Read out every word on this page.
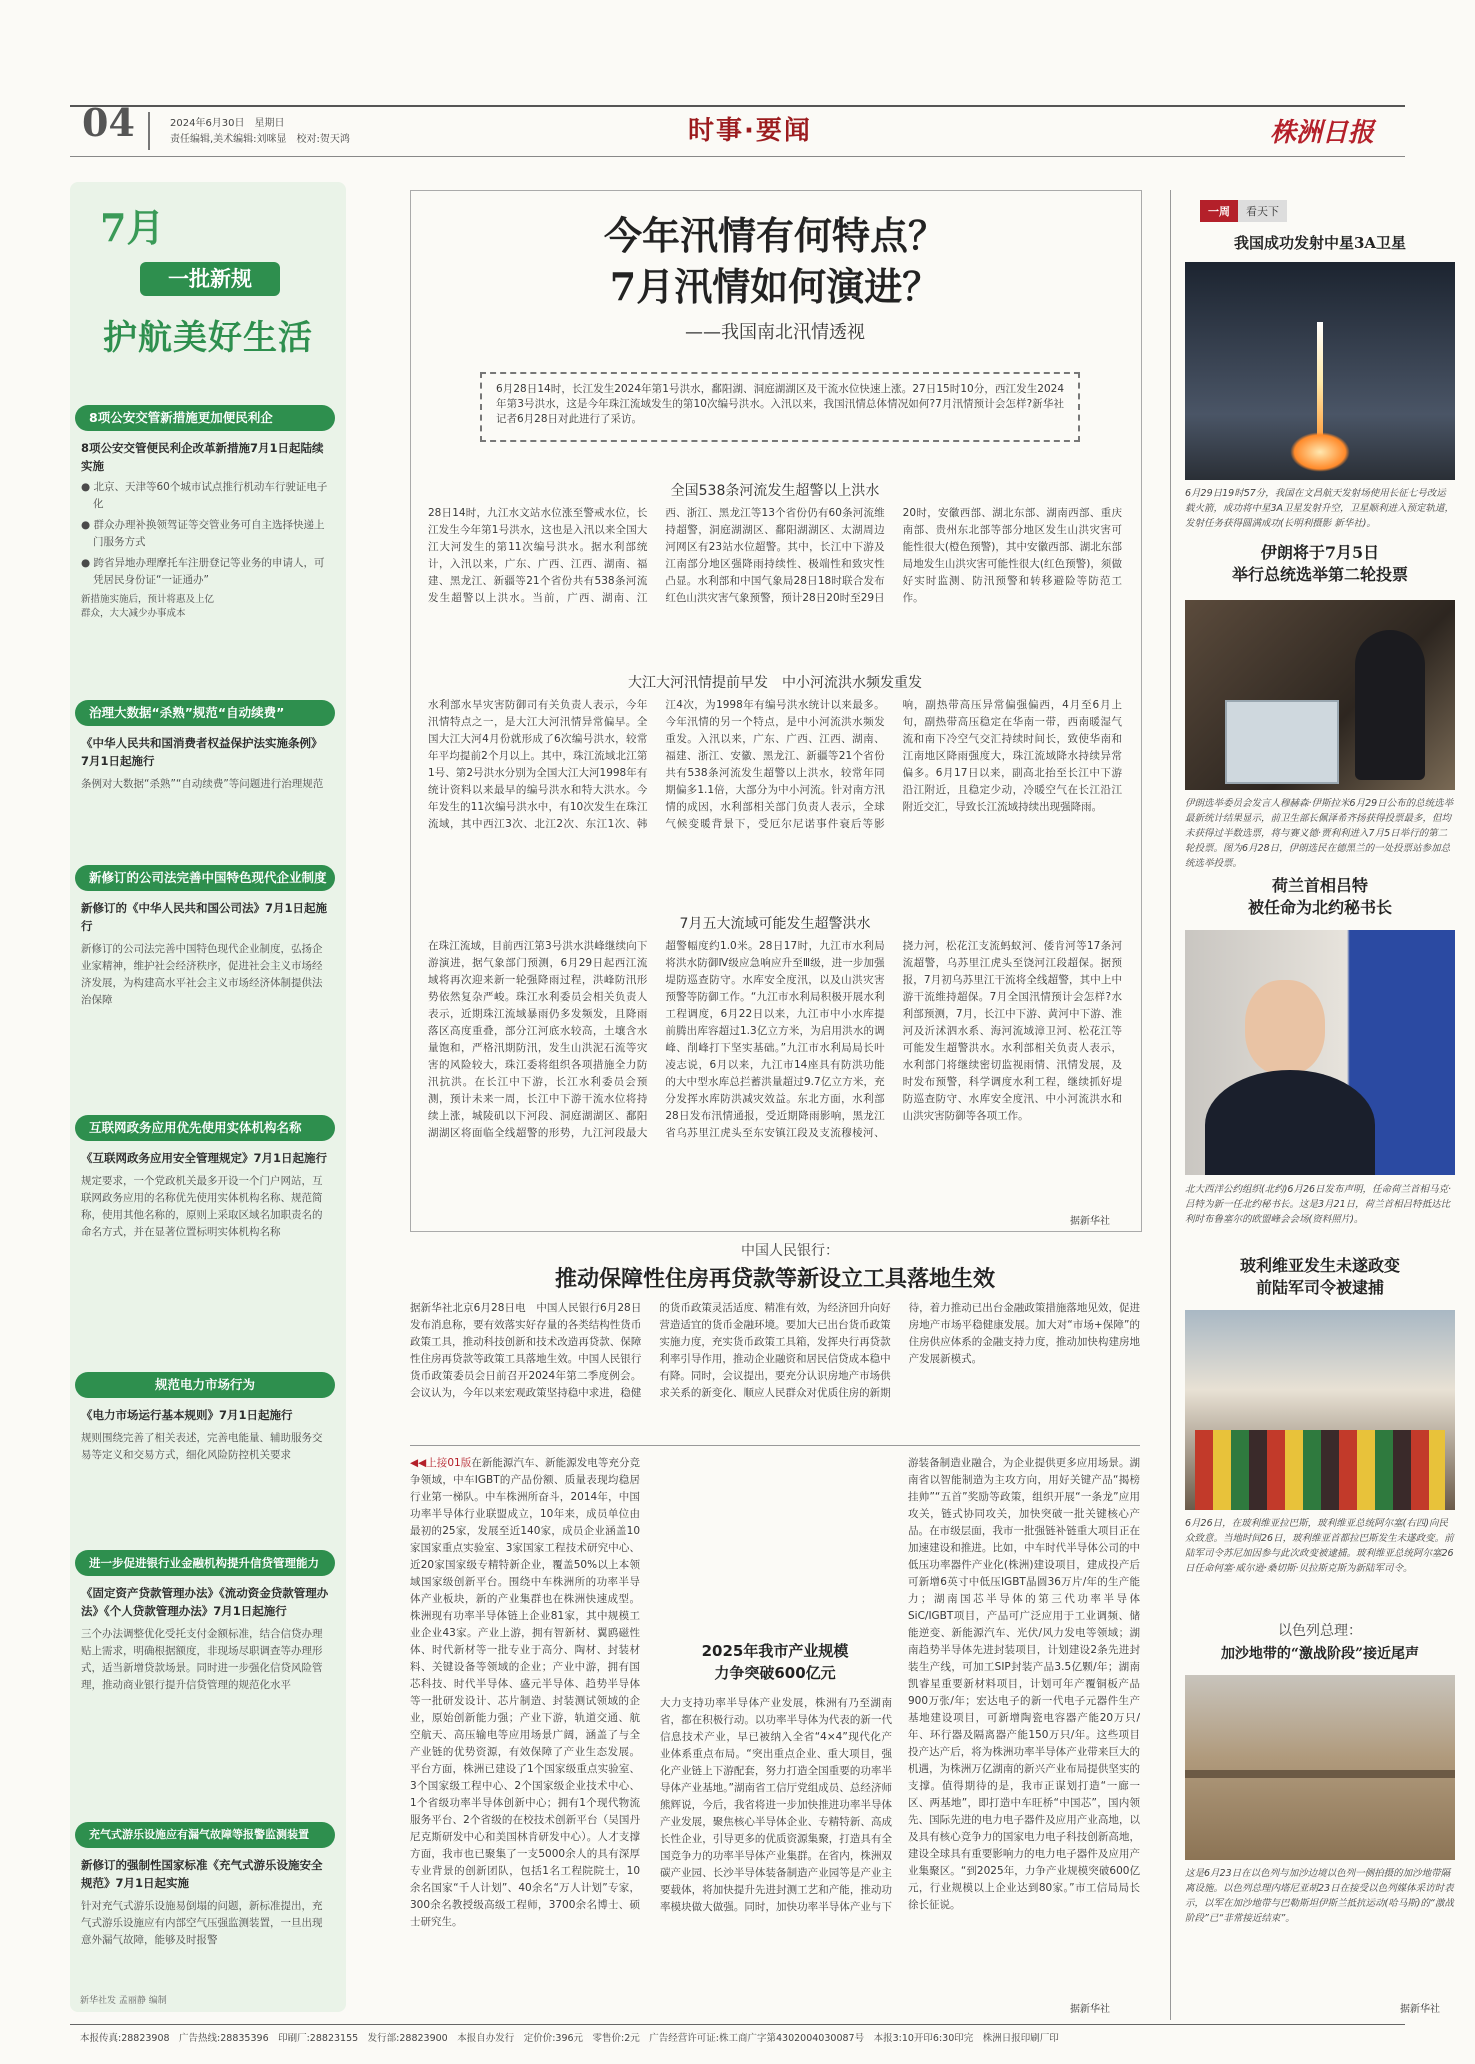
04	2024年6月30日　星期日
责任编辑,美术编辑:刘咪显　校对:贺天鸿	时事·要闻	株洲日报
7月
一批新规
护航美好生活
8项公安交管新措施更加便民利企
8项公安交管便民利企改革新措施7月1日起陆续实施
● 北京、天津等60个城市试点推行机动车行驶证电子化
● 群众办理补换领驾证等交管业务可自主选择快递上门服务方式
● 跨省异地办理摩托车注册登记等业务的申请人，可凭居民身份证“一证通办”
新措施实施后，预计将惠及上亿群众，大大减少办事成本
治理大数据“杀熟”规范“自动续费”
《中华人民共和国消费者权益保护法实施条例》7月1日起施行
条例对大数据“杀熟”“自动续费”等问题进行治理规范
新修订的公司法完善中国特色现代企业制度
新修订的《中华人民共和国公司法》7月1日起施行
新修订的公司法完善中国特色现代企业制度，弘扬企业家精神，维护社会经济秩序，促进社会主义市场经济发展，为构建高水平社会主义市场经济体制提供法治保障
互联网政务应用优先使用实体机构名称
《互联网政务应用安全管理规定》7月1日起施行
规定要求，一个党政机关最多开设一个门户网站，互联网政务应用的名称优先使用实体机构名称、规范简称，使用其他名称的，原则上采取区域名加职责名的命名方式，并在显著位置标明实体机构名称
规范电力市场行为
《电力市场运行基本规则》7月1日起施行
规则围绕完善了相关表述，完善电能量、辅助服务交易等定义和交易方式，细化风险防控机关要求
进一步促进银行业金融机构提升信贷管理能力
《固定资产贷款管理办法》《流动资金贷款管理办法》《个人贷款管理办法》7月1日起施行
三个办法调整优化受托支付金额标准，结合信贷办理贴上需求，明确根据额度，非现场尽职调查等办理形式，适当新增贷款场景。同时进一步强化信贷风险管理，推动商业银行提升信贷管理的规范化水平
充气式游乐设施应有漏气故障等报警监测装置
新修订的强制性国家标准《充气式游乐设施安全规范》7月1日起实施
针对充气式游乐设施易倒塌的问题，新标准提出，充气式游乐设施应有内部空气压强监测装置，一旦出现意外漏气故障，能够及时报警
新华社发 孟丽静 编制
今年汛情有何特点？
7月汛情如何演进？
——我国南北汛情透视
6月28日14时，长江发生2024年第1号洪水，鄱阳湖、洞庭湖湖区及干流水位快速上涨。27日15时10分，西江发生2024年第3号洪水，这是今年珠江流域发生的第10次编号洪水。入汛以来，我国汛情总体情况如何?7月汛情预计会怎样?新华社记者6月28日对此进行了采访。
全国538条河流发生超警以上洪水
28日14时，九江水文站水位涨至警戒水位，长江发生今年第1号洪水，这也是入汛以来全国大江大河发生的第11次编号洪水。据水利部统计，入汛以来，广东、广西、江西、湖南、福建、黑龙江、新疆等21个省份共有538条河流发生超警以上洪水。当前，广西、湖南、江西、浙江、黑龙江等13个省份仍有60条河流维持超警，洞庭湖湖区、鄱阳湖湖区、太湖周边河网区有23站水位超警。其中，长江中下游及江南部分地区强降雨持续性、极端性和致灾性凸显。水利部和中国气象局28日18时联合发布红色山洪灾害气象预警，预计28日20时至29日20时，安徽西部、湖北东部、湖南西部、重庆南部、贵州东北部等部分地区发生山洪灾害可能性很大(橙色预警)，其中安徽西部、湖北东部局地发生山洪灾害可能性很大(红色预警)，须做好实时监测、防汛预警和转移避险等防范工作。
大江大河汛情提前早发　中小河流洪水频发重发
水利部水旱灾害防御司有关负责人表示，今年汛情特点之一，是大江大河汛情异常偏早。全国大江大河4月份就形成了6次编号洪水，较常年平均提前2个月以上。其中，珠江流域北江第1号、第2号洪水分别为全国大江大河1998年有统计资料以来最早的编号洪水和特大洪水。今年发生的11次编号洪水中，有10次发生在珠江流域，其中西江3次、北江2次、东江1次、韩江4次，为1998年有编号洪水统计以来最多。今年汛情的另一个特点，是中小河流洪水频发重发。入汛以来，广东、广西、江西、湖南、福建、浙江、安徽、黑龙江、新疆等21个省份共有538条河流发生超警以上洪水，较常年同期偏多1.1倍，大部分为中小河流。针对南方汛情的成因，水利部相关部门负责人表示，全球气候变暖背景下，受厄尔尼诺事件衰后等影响，副热带高压异常偏强偏西，4月至6月上旬，副热带高压稳定在华南一带，西南暖湿气流和南下冷空气交汇持续时间长，致使华南和江南地区降雨强度大，珠江流域降水持续异常偏多。6月17日以来，副高北抬至长江中下游沿江附近，且稳定少动，冷暖空气在长江沿江附近交汇，导致长江流域持续出现强降雨。
7月五大流域可能发生超警洪水
在珠江流域，目前西江第3号洪水洪峰继续向下游演进，据气象部门预测，6月29日起西江流域将再次迎来新一轮强降雨过程，洪峰防汛形势依然复杂严峻。珠江水利委员会相关负责人表示，近期珠江流域暴雨仍多发频发，且降雨落区高度重叠，部分江河底水较高，土壤含水量饱和，严格汛期防汛，发生山洪泥石流等灾害的风险较大，珠江委将组织各项措施全力防汛抗洪。在长江中下游，长江水利委员会预测，预计未来一周，长江中下游干流水位将持续上涨，城陵矶以下河段、洞庭湖湖区、鄱阳湖湖区将面临全线超警的形势，九江河段最大超警幅度约1.0米。28日17时，九江市水利局将洪水防御Ⅳ级应急响应升至Ⅲ级，进一步加强堤防巡查防守。水库安全度汛，以及山洪灾害预警等防御工作。“九江市水利局积极开展水利工程调度，6月22日以来，九江市中小水库提前腾出库容超过1.3亿立方米，为启用洪水的调峰、削峰打下坚实基础。”九江市水利局局长叶凌志说，6月以来，九江市14座具有防洪功能的大中型水库总拦蓄洪量超过9.7亿立方米，充分发挥水库防洪减灾效益。东北方面，水利部28日发布汛情通报，受近期降雨影响，黑龙江省乌苏里江虎头至东安镇江段及支流穆棱河、挠力河，松花江支流蚂蚁河、倭肯河等17条河流超警，乌苏里江虎头至饶河江段超保。据预报，7月初乌苏里江干流将全线超警，其中上中游干流维持超保。7月全国汛情预计会怎样?水利部预测，7月，长江中下游、黄河中下游、淮河及沂沭泗水系、海河流域漳卫河、松花江等可能发生超警洪水。水利部相关负责人表示，水利部门将继续密切监视雨情、汛情发展，及时发布预警，科学调度水利工程，继续抓好堤防巡查防守、水库安全度汛、中小河流洪水和山洪灾害防御等各项工作。
据新华社
中国人民银行：
推动保障性住房再贷款等新设立工具落地生效
据新华社北京6月28日电　中国人民银行6月28日发布消息称，要有效落实好存量的各类结构性货币政策工具，推动科技创新和技术改造再贷款、保障性住房再贷款等政策工具落地生效。中国人民银行货币政策委员会日前召开2024年第二季度例会。会议认为，今年以来宏观政策坚持稳中求进，稳健的货币政策灵活适度、精准有效，为经济回升向好营造适宜的货币金融环境。要加大已出台货币政策实施力度，充实货币政策工具箱，发挥央行再贷款利率引导作用，推动企业融资和居民信贷成本稳中有降。同时，会议提出，要充分认识房地产市场供求关系的新变化、顺应人民群众对优质住房的新期待，着力推动已出台金融政策措施落地见效，促进房地产市场平稳健康发展。加大对“市场+保障”的住房供应体系的金融支持力度，推动加快构建房地产发展新模式。
◀◀上接01版在新能源汽车、新能源发电等充分竞争领域，中车IGBT的产品份额、质量表现均稳居行业第一梯队。中车株洲所奋斗，2014年，中国功率半导体行业联盟成立，10年来，成员单位由最初的25家，发展至近140家，成员企业涵盖10家国家重点实验室、3家国家工程技术研究中心、近20家国家级专精特新企业，覆盖50%以上本领域国家级创新平台。围绕中车株洲所的功率半导体产业板块，新的产业集群也在株洲快速成型。株洲现有功率半导体链上企业81家，其中规模工业企业43家。产业上游，拥有智新材、翼鸥磁性体、时代新材等一批专业于高分、陶材、封装材料、关键设备等领域的企业；产业中游，拥有国芯科技、时代半导体、盛元半导体、趋势半导体等一批研发设计、芯片制造、封装测试领域的企业，原始创新能力强；产业下游，轨道交通、航空航天、高压输电等应用场景广阔，涵盖了与全产业链的优势资源，有效保障了产业生态发展。平台方面，株洲已建设了1个国家级重点实验室、3个国家级工程中心、2个国家级企业技术中心、1个省级功率半导体创新中心；拥有1个现代物流服务平台、2个省级的在校技术创新平台（吴国丹尼克斯研发中心和美国林肯研发中心）。人才支撑方面，我市也已聚集了一支5000余人的具有深厚专业背景的创新团队，包括1名工程院院士，10余名国家“千人计划”、40余名“万人计划”专家，300余名教授级高级工程师，3700余名博士、硕士研究生。
2025年我市产业规模
力争突破600亿元
大力支持功率半导体产业发展，株洲有乃至湖南省，都在积极行动。以功率半导体为代表的新一代信息技术产业，早已被纳入全省“4×4”现代化产业体系重点布局。“突出重点企业、重大项目，强化产业链上下游配套，努力打造全国重要的功率半导体产业基地。”湖南省工信厅党组成员、总经济师熊辉说，今后，我省将进一步加快推进功率半导体产业发展，聚焦核心半导体企业、专精特新、高成长性企业，引导更多的优质资源集聚，打造具有全国竞争力的功率半导体产业集群。在省内，株洲双碳产业园、长沙半导体装备制造产业园等是产业主要载体，将加快提升先进封测工艺和产能，推动功率模块做大做强。同时，加快功率半导体产业与下游装备制造业融合，为企业提供更多应用场景。湖南省以智能制造为主攻方向，用好关键产品“揭榜挂帅”“五首”奖励等政策，组织开展“一条龙”应用攻关，链式协同攻关，加快突破一批关键核心产品。在市级层面，我市一批强链补链重大项目正在加速建设和推进。比如，中车时代半导体公司的中低压功率器件产业化(株洲)建设项目，建成投产后可新增6英寸中低压IGBT晶圆36万片/年的生产能力；湖南国芯半导体的第三代功率半导体SiC/IGBT项目，产品可广泛应用于工业调频、储能逆变、新能源汽车、光伏/风力发电等领域；湖南趋势半导体先进封装项目，计划建设2条先进封装生产线，可加工SIP封装产品3.5亿颗/年；湖南凯睿星重要新材料项目，计划可年产覆铜板产品900万张/年；宏达电子的新一代电子元器件生产基地建设项目，可新增陶瓷电容器产能20万只/年、环行器及隔离器产能150万只/年。这些项目投产达产后，将为株洲功率半导体产业带来巨大的机遇，为株洲万亿湖南的新兴产业布局提供坚实的支撑。值得期待的是，我市正谋划打造“一廊一区、两基地”，即打造中车旺桥“中国芯”，国内领先、国际先进的电力电子器件及应用产业高地，以及具有核心竞争力的国家电力电子科技创新高地，建设全球具有重要影响力的电力电子器件及应用产业集聚区。“到2025年，力争产业规模突破600亿元，行业规模以上企业达到80家。”市工信局局长徐长征说。
据新华社
一周 看天下
我国成功发射中星3A卫星
6月29日19时57分，我国在文昌航天发射场使用长征七号改运载火箭，成功将中星3A卫星发射升空，卫星顺利进入预定轨道，发射任务获得圆满成功(长明利摄影 新华社)。
伊朗将于7月5日
举行总统选举第二轮投票
伊朗选举委员会发言人穆赫森·伊斯拉米6月29日公布的总统选举最新统计结果显示，前卫生部长佩泽希齐扬获得投票最多，但均未获得过半数选票，将与赛义德·贾利利进入7月5日举行的第二轮投票。图为6月28日，伊朗选民在德黑兰的一处投票站参加总统选举投票。
荷兰首相吕特
被任命为北约秘书长
北大西洋公约组织(北约)6月26日发布声明，任命荷兰首相马克·吕特为新一任北约秘书长。这是3月21日，荷兰首相吕特抵达比利时布鲁塞尔的欧盟峰会会场(资料照片)。
玻利维亚发生未遂政变
前陆军司令被逮捕
6月26日，在玻利维亚拉巴斯，玻利维亚总统阿尔塞(右四)向民众致意。当地时间26日，玻利维亚首都拉巴斯发生未遂政变。前陆军司令苏尼加因参与此次政变被逮捕。玻利维亚总统阿尔塞26日任命何塞·威尔逊·桑切斯·贝拉斯克斯为新陆军司令。
以色列总理：
加沙地带的“激战阶段”接近尾声
这是6月23日在以色列与加沙边境以色列一侧拍摄的加沙地带隔离设施。以色列总理内塔尼亚胡23日在接受以色列媒体采访时表示，以军在加沙地带与巴勒斯坦伊斯兰抵抗运动(哈马斯)的“激战阶段”已“非常接近结束”。
据新华社
本报传真:28823908　广告热线:28835396　印刷厂:28823155　发行部:28823900　本报自办发行　定价价:396元　零售价:2元　广告经营许可证:株工商广字第4302004030087号　本报3:10开印6:30印完　株洲日报印刷厂印
